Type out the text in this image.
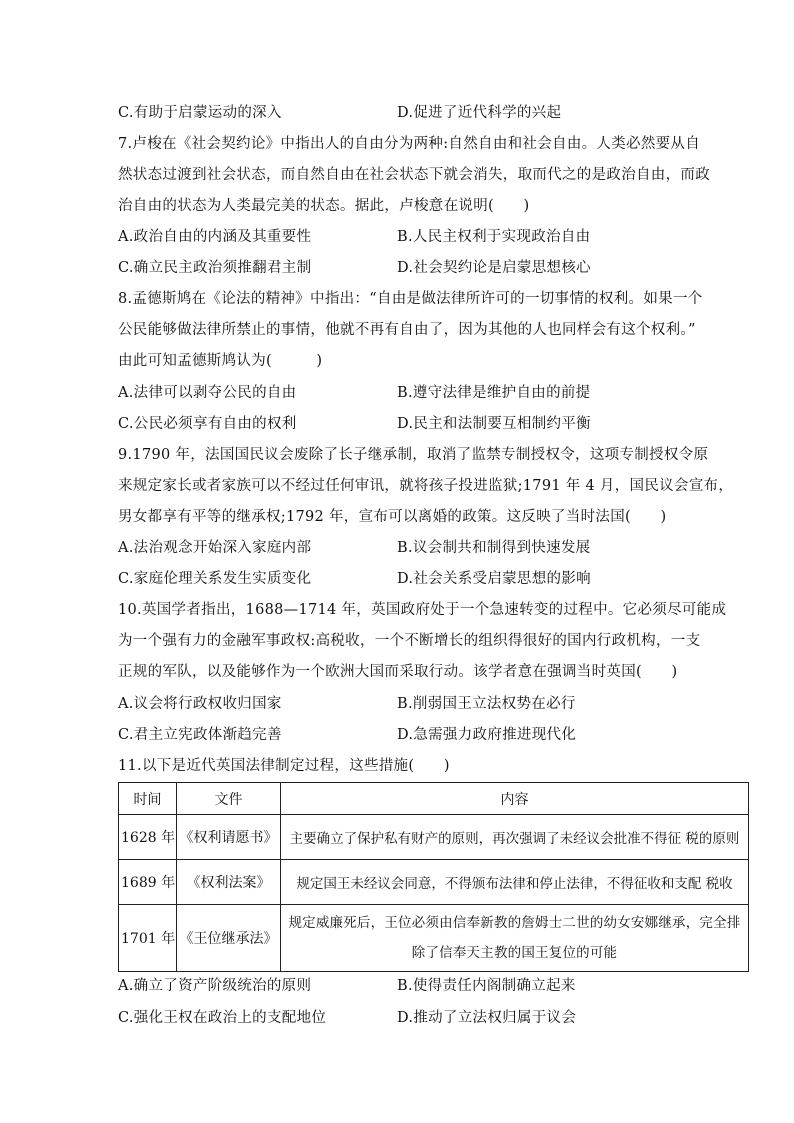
C.有助于启蒙运动的深入	D.促进了近代科学的兴起
7.卢梭在《社会契约论》中指出人的自由分为两种:自然自由和社会自由。人类必然要从自
然状态过渡到社会状态，而自然自由在社会状态下就会消失，取而代之的是政治自由，而政
治自由的状态为人类最完美的状态。据此，卢梭意在说明(　　)
A.政治自由的内涵及其重要性	B.人民主权利于实现政治自由
C.确立民主政治须推翻君主制	D.社会契约论是启蒙思想核心
8.孟德斯鸠在《论法的精神》中指出：“自由是做法律所许可的一切事情的权利。如果一个
公民能够做法律所禁止的事情，他就不再有自由了，因为其他的人也同样会有这个权利。”
由此可知孟德斯鸠认为(　　　)
A.法律可以剥夺公民的自由	B.遵守法律是维护自由的前提
C.公民必须享有自由的权利	D.民主和法制要互相制约平衡
9.1790 年，法国国民议会废除了长子继承制，取消了监禁专制授权令，这项专制授权令原
来规定家长或者家族可以不经过任何审讯，就将孩子投进监狱;1791 年 4 月，国民议会宣布，
男女都享有平等的继承权;1792 年，宣布可以离婚的政策。这反映了当时法国(　　)
A.法治观念开始深入家庭内部	B.议会制共和制得到快速发展
C.家庭伦理关系发生实质变化	D.社会关系受启蒙思想的影响
10.英国学者指出，1688—1714 年，英国政府处于一个急速转变的过程中。它必须尽可能成
为一个强有力的金融军事政权:高税收，一个不断增长的组织得很好的国内行政机构，一支
正规的军队，以及能够作为一个欧洲大国而采取行动。该学者意在强调当时英国(　　)
A.议会将行政权收归国家	B.削弱国王立法权势在必行
C.君主立宪政体渐趋完善	D.急需强力政府推进现代化
11.以下是近代英国法律制定过程，这些措施(　　)
时间	文件	内容
1628 年	《权利请愿书》	主要确立了保护私有财产的原则，再次强调了未经议会批准不得征 税的原则
1689 年	《权利法案》	规定国王未经议会同意，不得颁布法律和停止法律，不得征收和支配 税收
1701 年	《王位继承法》	规定威廉死后，王位必须由信奉新教的詹姆士二世的幼女安娜继承，完全排除了信奉天主教的国王复位的可能
A.确立了资产阶级统治的原则	B.使得责任内阁制确立起来
C.强化王权在政治上的支配地位	D.推动了立法权归属于议会
